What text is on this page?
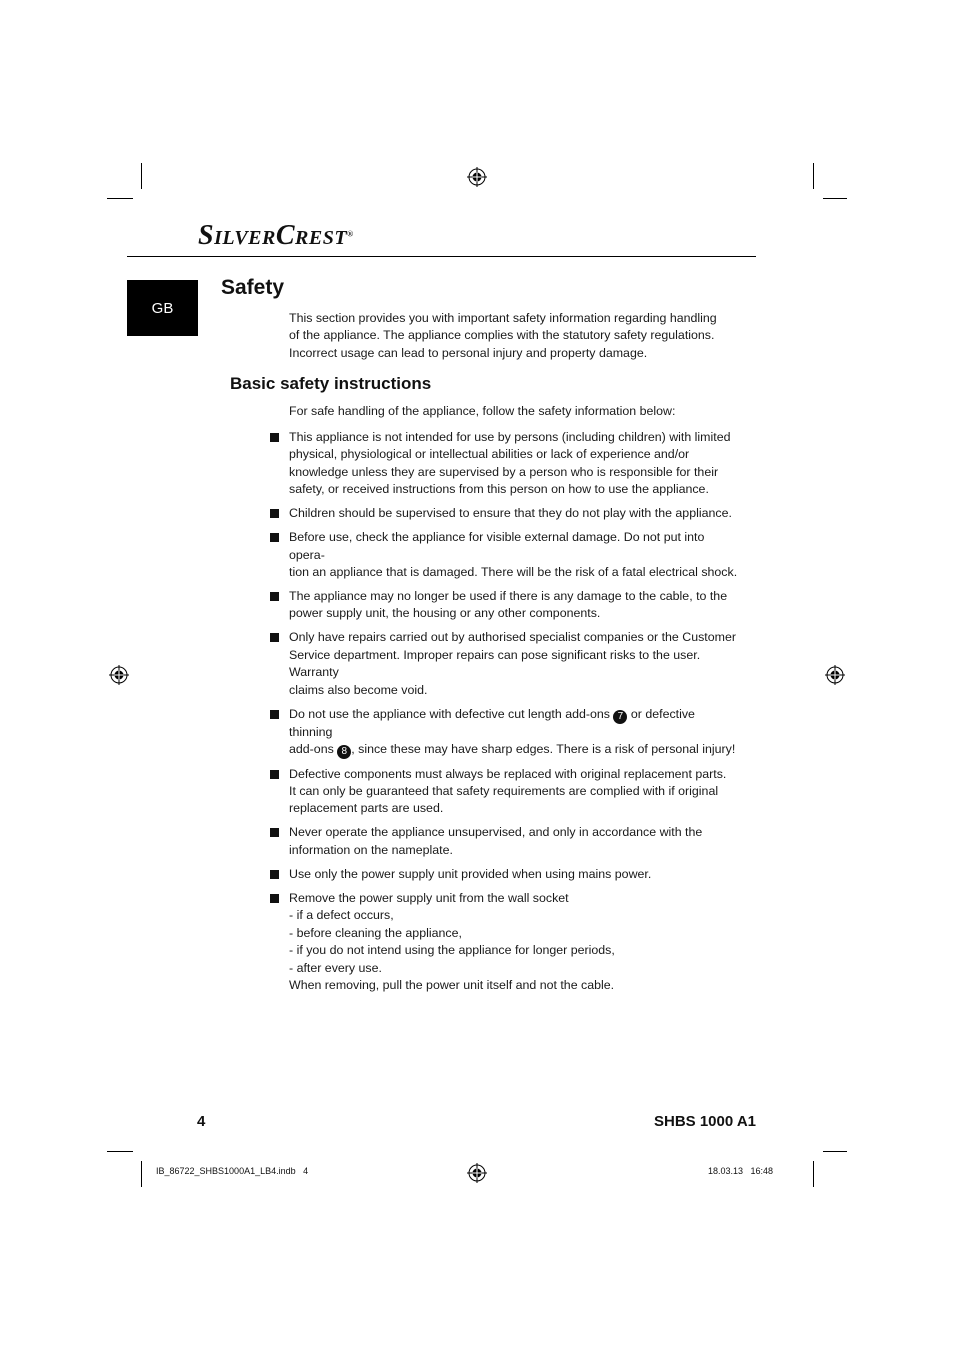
SILVERCREST®
GB
Safety

This section provides you with important safety information regarding handling
of the appliance. The appliance complies with the statutory safety regulations.
Incorrect usage can lead to personal injury and property damage.

Basic safety instructions

For safe handling of the appliance, follow the safety information below:

This appliance is not intended for use by persons (including children) with limited
physical, physiological or intellectual abilities or lack of experience and/or
knowledge unless they are supervised by a person who is responsible for their
safety, or received instructions from this person on how to use the appliance.
Children should be supervised to ensure that they do not play with the appliance.
Before use, check the appliance for visible external damage. Do not put into opera-
tion an appliance that is damaged. There will be the risk of a fatal electrical shock.
The appliance may no longer be used if there is any damage to the cable, to the
power supply unit, the housing or any other components.
Only have repairs carried out by authorised specialist companies or the Customer
Service department. Improper repairs can pose significant risks to the user. Warranty
claims also become void.
Do not use the appliance with defective cut length add-ons 7 or defective thinning
add-ons 8 , since these may have sharp edges. There is a risk of personal injury!
Defective components must always be replaced with original replacement parts.
It can only be guaranteed that safety requirements are complied with if original
replacement parts are used.
Never operate the appliance unsupervised, and only in accordance with the
information on the nameplate.
Use only the power supply unit provided when using mains power.
Remove the power supply unit from the wall socket
- if a defect occurs,
- before cleaning the appliance,
- if you do not intend using the appliance for longer periods,
- after every use.
When removing, pull the power unit itself and not the cable.
4	SHBS 1000 A1
IB_86722_SHBS1000A1_LB4.indb   4	18.03.13   16:48
